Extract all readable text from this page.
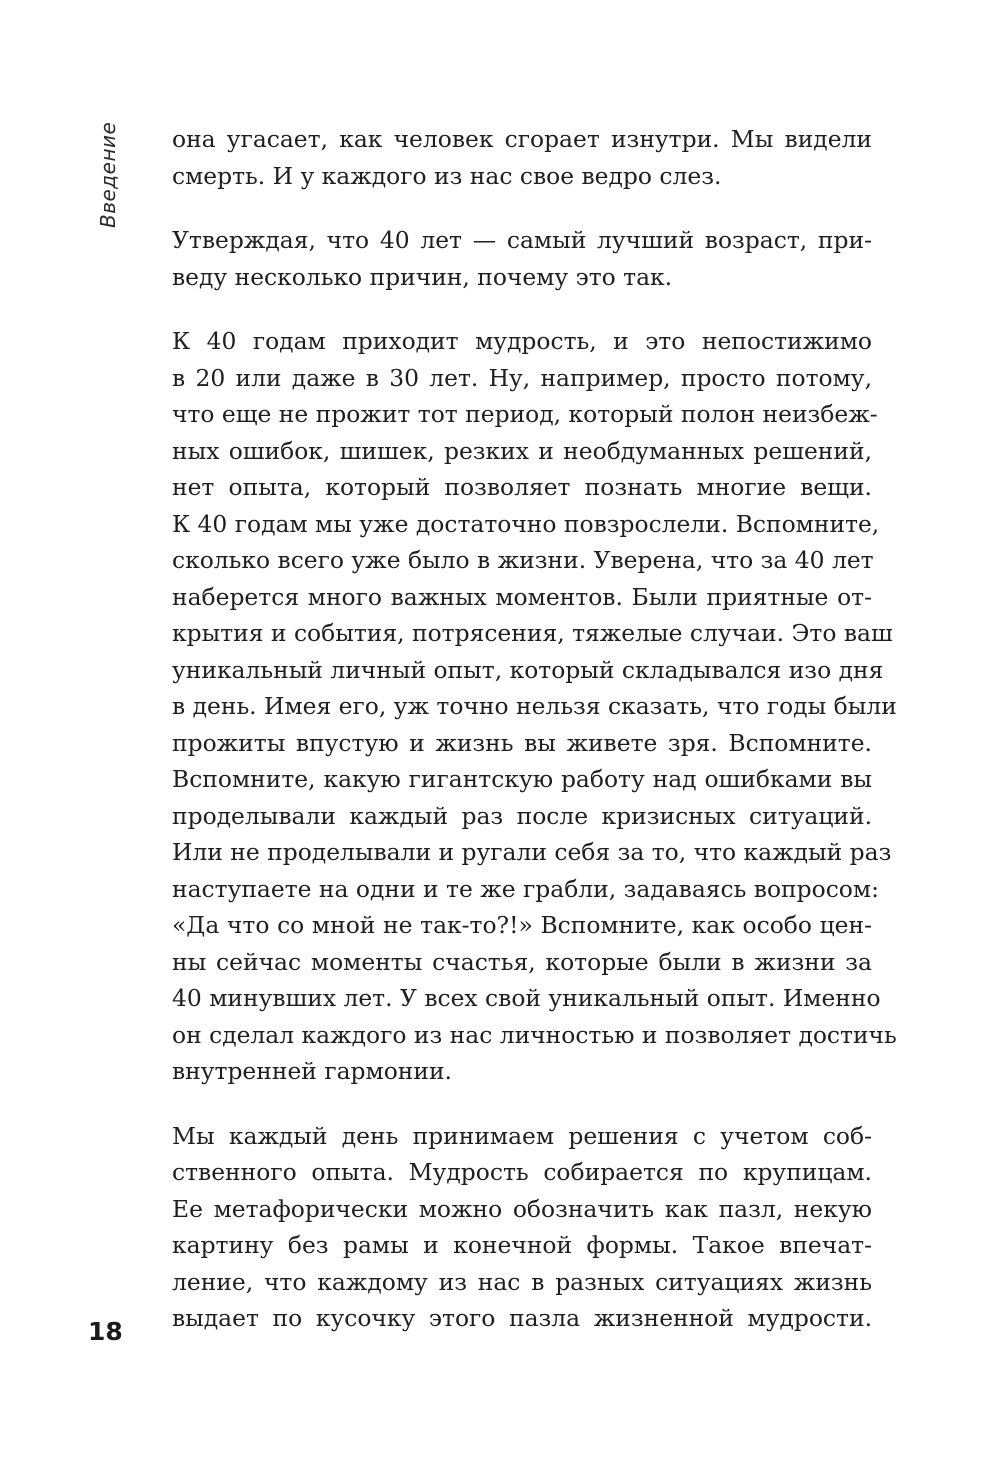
Введение она угасает, как человек сгорает изнутри. Мы видели
смерть. И у каждого из нас свое ведро слез.
Утверждая, что 40 лет — самый лучший возраст, при-
веду несколько причин, почему это так.
К 40 годам приходит мудрость, и это непостижимо
в 20 или даже в 30 лет. Ну, например, просто потому,
что еще не прожит тот период, который полон неизбеж-
ных ошибок, шишек, резких и необдуманных решений,
нет опыта, который позволяет познать многие вещи.
К 40 годам мы уже достаточно повзрослели. Вспомните,
сколько всего уже было в жизни. Уверена, что за 40 лет
наберется много важных моментов. Были приятные от-
крытия и события, потрясения, тяжелые случаи. Это ваш
уникальный личный опыт, который складывался изо дня
в день. Имея его, уж точно нельзя сказать, что годы были
прожиты впустую и жизнь вы живете зря. Вспомните.
Вспомните, какую гигантскую работу над ошибками вы
проделывали каждый раз после кризисных ситуаций.
Или не проделывали и ругали себя за то, что каждый раз
наступаете на одни и те же грабли, задаваясь вопросом:
«Да что со мной не так-то?!» Вспомните, как особо цен-
ны сейчас моменты счастья, которые были в жизни за
40 минувших лет. У всех свой уникальный опыт. Именно
он сделал каждого из нас личностью и позволяет достичь
внутренней гармонии.
Мы каждый день принимаем решения с учетом соб-
ственного опыта. Мудрость собирается по крупицам.
Ее метафорически можно обозначить как пазл, некую
картину без рамы и конечной формы. Такое впечат-
ление, что каждому из нас в разных ситуациях жизнь
выдает по кусочку этого пазла жизненной мудрости.
18
